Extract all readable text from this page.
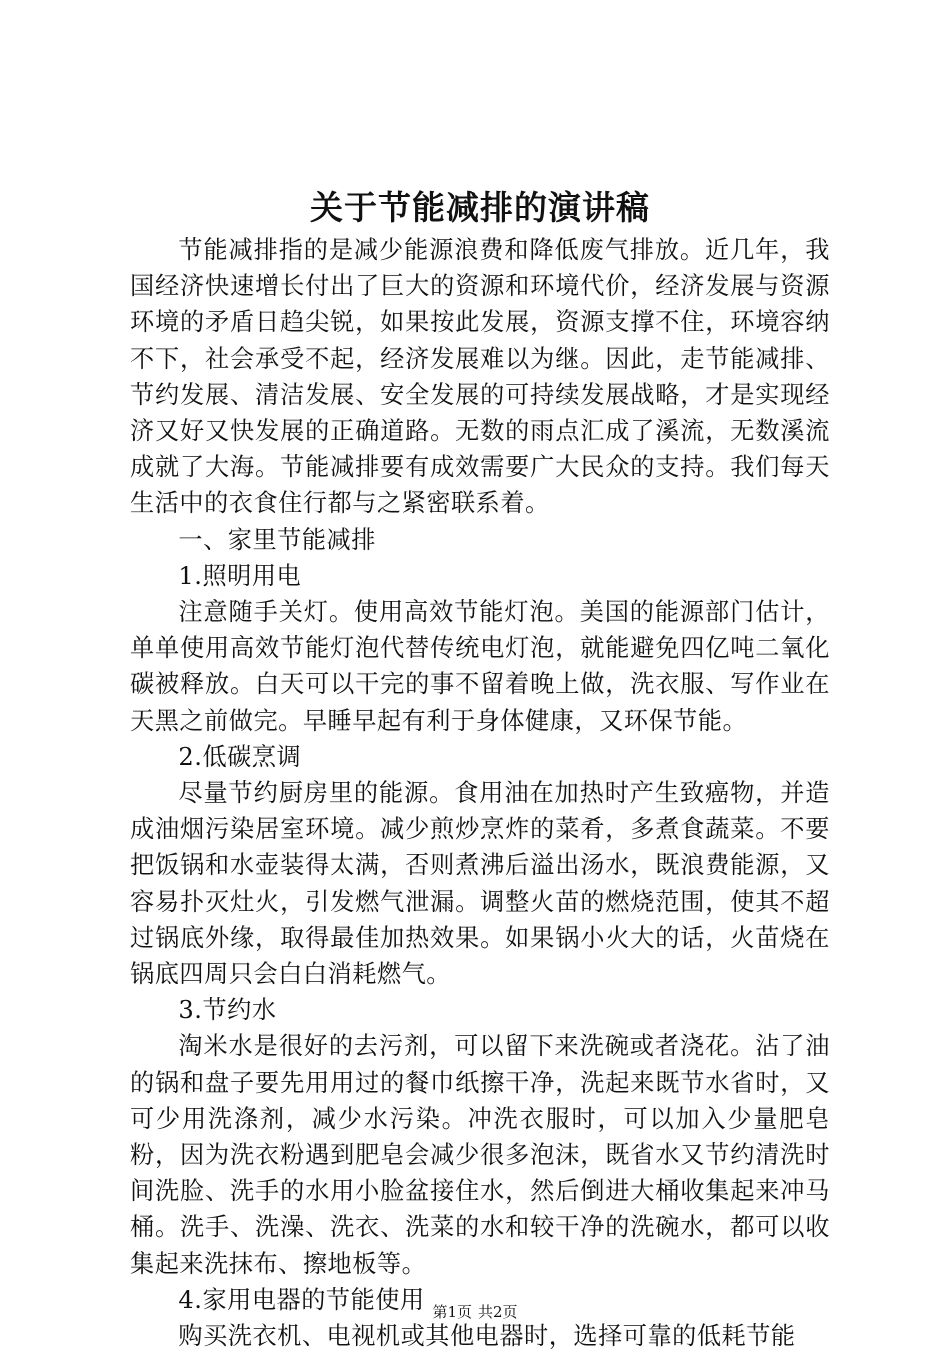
关于节能减排的演讲稿

节能减排指的是减少能源浪费和降低废气排放。近几年，我国经济快速增长付出了巨大的资源和环境代价，经济发展与资源环境的矛盾日趋尖锐，如果按此发展，资源支撑不住，环境容纳不下，社会承受不起，经济发展难以为继。因此，走节能减排、节约发展、清洁发展、安全发展的可持续发展战略，才是实现经济又好又快发展的正确道路。无数的雨点汇成了溪流，无数溪流成就了大海。节能减排要有成效需要广大民众的支持。我们每天生活中的衣食住行都与之紧密联系着。

一、家里节能减排

1.照明用电

注意随手关灯。使用高效节能灯泡。美国的能源部门估计，单单使用高效节能灯泡代替传统电灯泡，就能避免四亿吨二氧化碳被释放。白天可以干完的事不留着晚上做，洗衣服、写作业在天黑之前做完。早睡早起有利于身体健康，又环保节能。

2.低碳烹调

尽量节约厨房里的能源。食用油在加热时产生致癌物，并造成油烟污染居室环境。减少煎炒烹炸的菜肴，多煮食蔬菜。不要把饭锅和水壶装得太满，否则煮沸后溢出汤水，既浪费能源，又容易扑灭灶火，引发燃气泄漏。调整火苗的燃烧范围，使其不超过锅底外缘，取得最佳加热效果。如果锅小火大的话，火苗烧在锅底四周只会白白消耗燃气。

3.节约水

淘米水是很好的去污剂，可以留下来洗碗或者浇花。沾了油的锅和盘子要先用用过的餐巾纸擦干净，洗起来既节水省时，又可少用洗涤剂，减少水污染。冲洗衣服时，可以加入少量肥皂粉，因为洗衣粉遇到肥皂会减少很多泡沫，既省水又节约清洗时间洗脸、洗手的水用小脸盆接住水，然后倒进大桶收集起来冲马桶。洗手、洗澡、洗衣、洗菜的水和较干净的洗碗水，都可以收集起来洗抹布、擦地板等。

4.家用电器的节能使用

购买洗衣机、电视机或其他电器时，选择可靠的低耗节能

第1页 共2页
